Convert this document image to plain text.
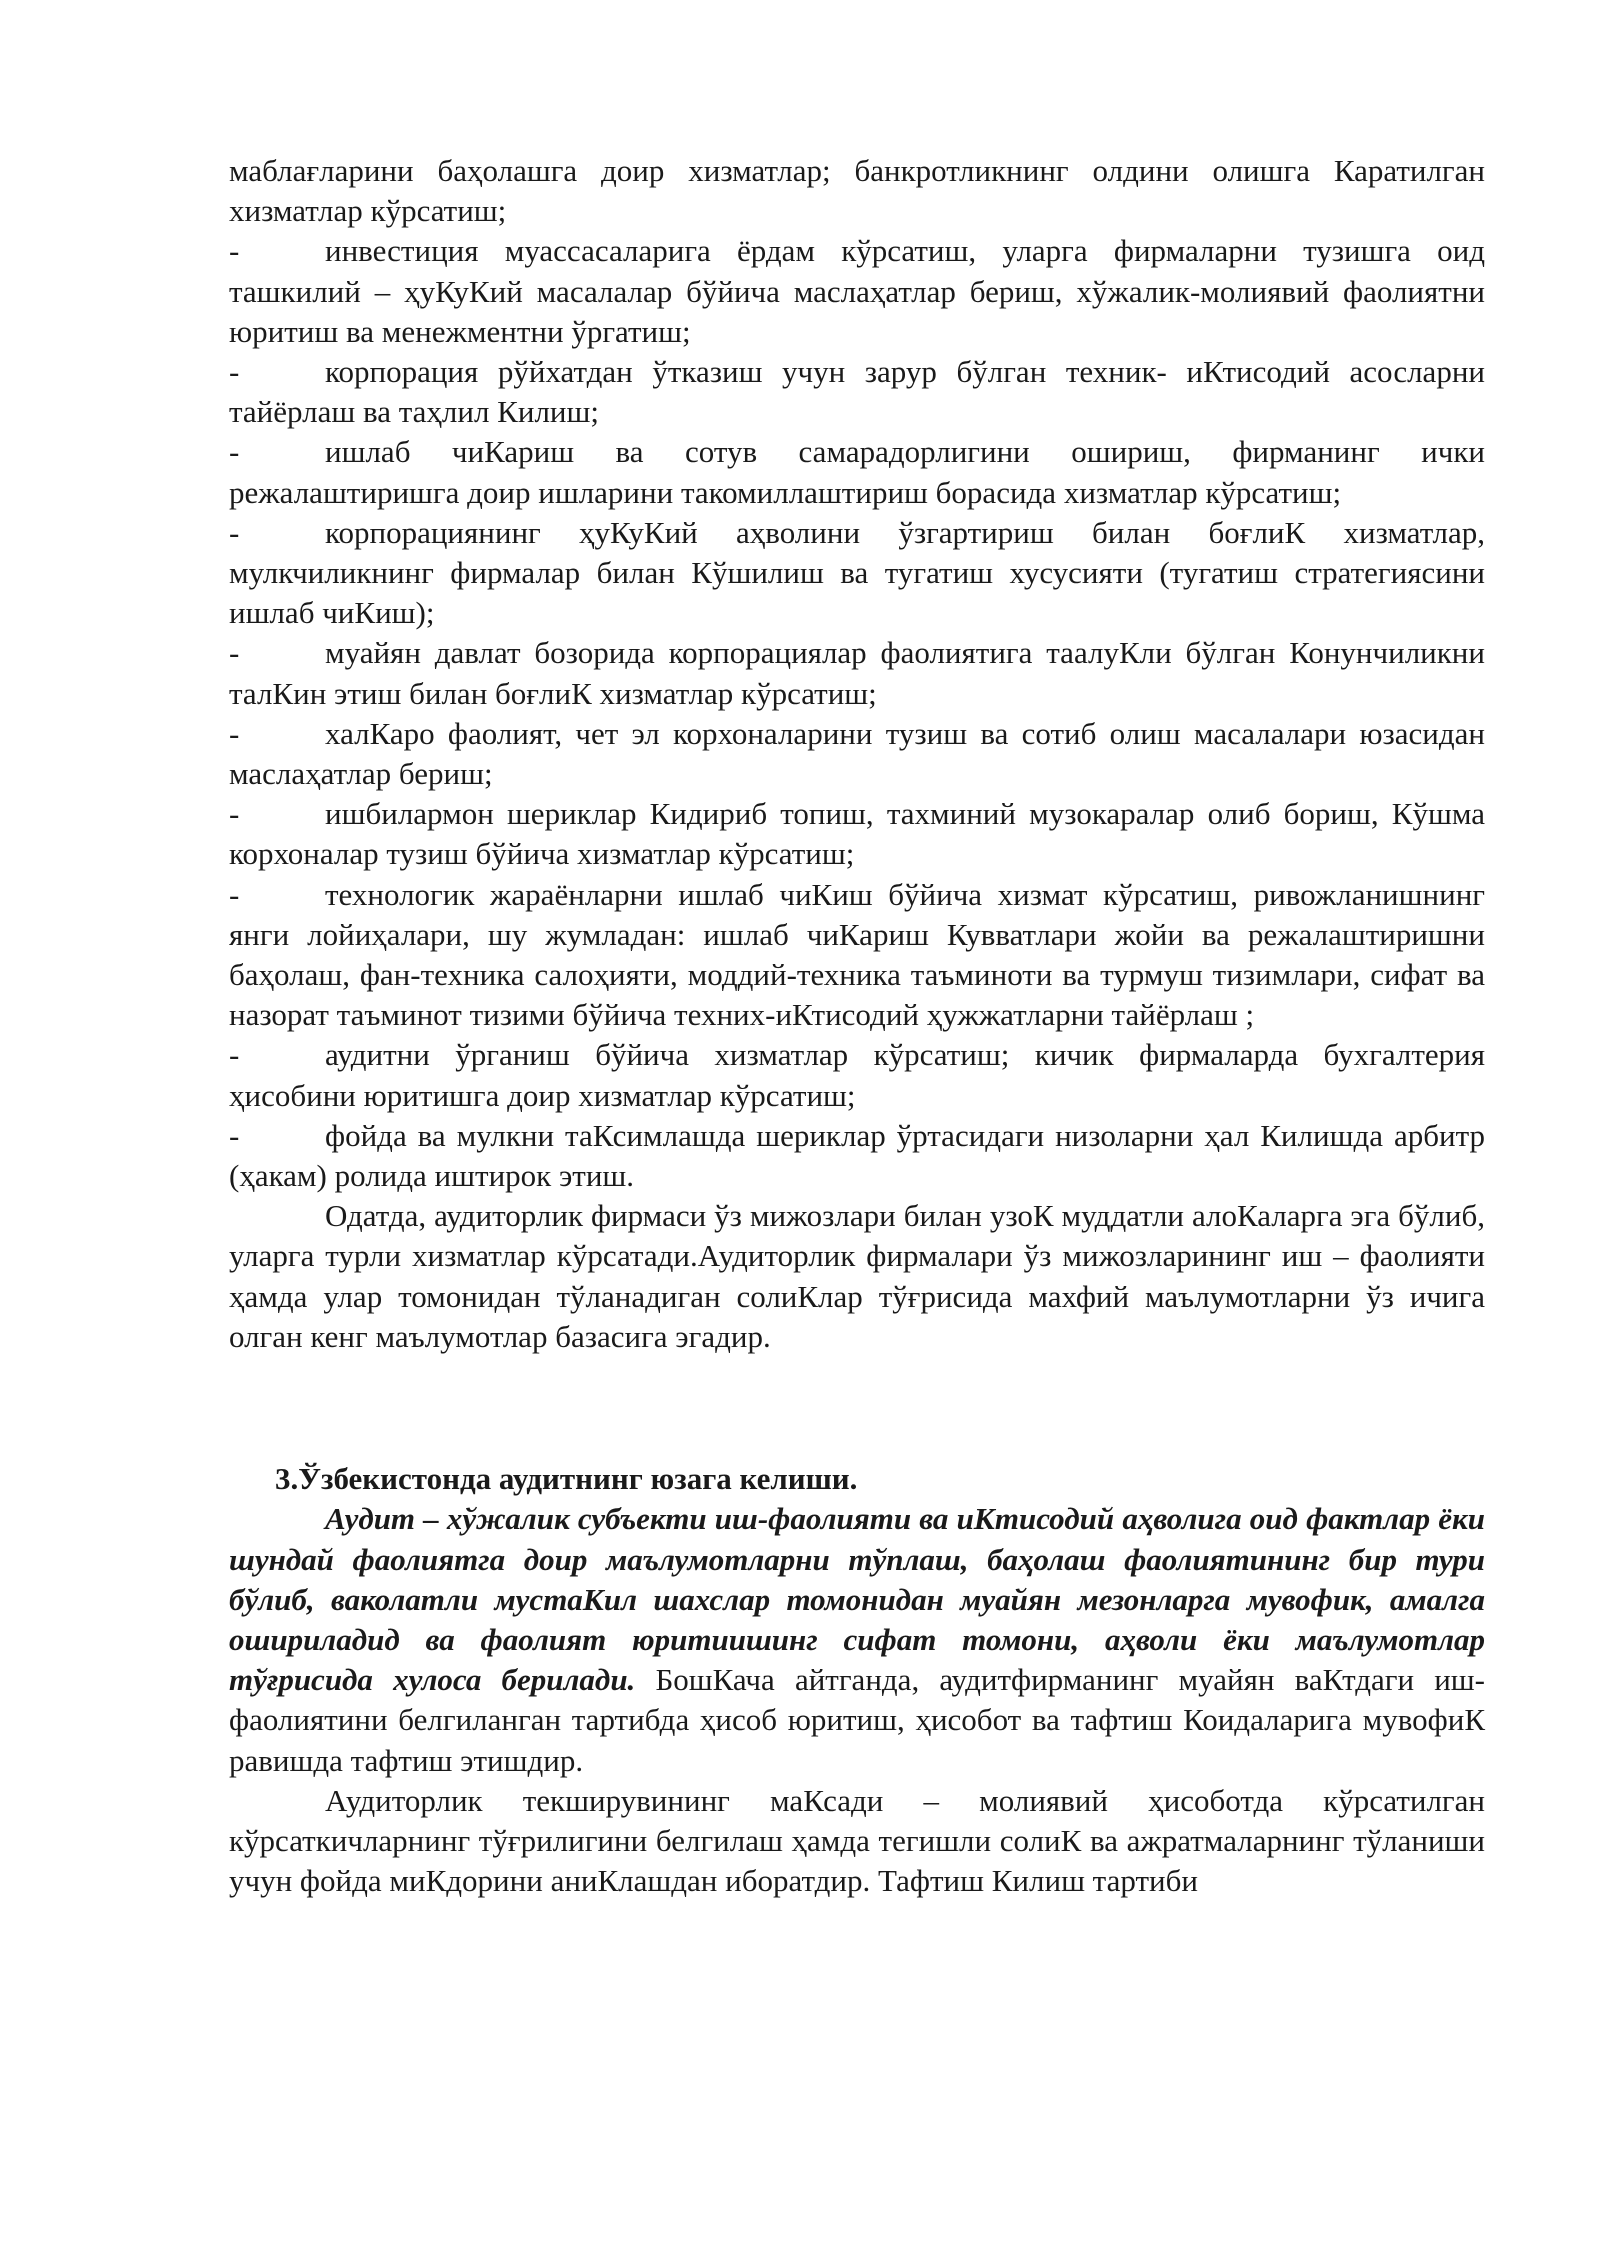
маблағларини баҳолашга доир хизматлар; банкротликнинг олдини олишга Каратилган хизматлар кўрсатиш;

-	инвестиция муассасаларига ёрдам кўрсатиш, уларга фирмаларни тузишга оид ташкилий – ҳуКуКий масалалар бўйича маслаҳатлар бериш, хўжалик-молиявий фаолиятни юритиш ва менежментни ўргатиш;

-	корпорация рўйхатдан ўтказиш учун зарур бўлган техник- иКтисодий асосларни тайёрлаш ва таҳлил Килиш;

-	ишлаб чиКариш ва сотув самарадорлигини ошириш, фирманинг ички режалаштиришга доир ишларини такомиллаштириш борасида хизматлар кўрсатиш;

-	корпорациянинг ҳуКуКий аҳволини ўзгартириш билан боғлиК хизматлар, мулкчиликнинг фирмалар билан Кўшилиш ва тугатиш хусусияти (тугатиш стратегиясини ишлаб чиКиш);

-	муайян давлат бозорида корпорациялар фаолиятига таалуКли бўлган Конунчиликни талКин этиш билан боғлиК хизматлар кўрсатиш;

-	халКаро фаолият, чет эл корхоналарини тузиш ва сотиб олиш масалалари юзасидан маслаҳатлар бериш;

-	ишбилармон шериклар Кидириб топиш, тахминий музокаралар олиб бориш, Кўшма корхоналар тузиш бўйича хизматлар кўрсатиш;

-	технологик жараёнларни ишлаб чиКиш бўйича хизмат кўрсатиш, ривожланишнинг янги лойиҳалари, шу жумладан: ишлаб чиКариш Кувватлари жойи ва режалаштиришни баҳолаш, фан-техника салоҳияти, моддий-техника таъминоти ва турмуш тизимлари, сифат ва назорат таъминот тизими бўйича техних-иКтисодий ҳужжатларни тайёрлаш ;

-	аудитни ўрганиш бўйича хизматлар кўрсатиш; кичик фирмаларда бухгалтерия ҳисобини юритишга доир хизматлар кўрсатиш;

-	фойда ва мулкни таКсимлашда шериклар ўртасидаги низоларни ҳал Килишда арбитр (ҳакам) ролида иштирок этиш.

Одатда, аудиторлик фирмаси ўз мижозлари билан узоК муддатли алоКаларга эга бўлиб, уларга турли хизматлар кўрсатади.Аудиторлик фирмалари ўз мижозларининг иш – фаолияти ҳамда улар томонидан тўланадиган солиКлар тўғрисида махфий маълумотларни ўз ичига олган кенг маълумотлар базасига эгадир.

3.Ўзбекистонда аудитнинг юзага келиши.

Аудит – хўжалик субъекти иш-фаолияти ва иКтисодий аҳволига оид фактлар ёки шундай фаолиятга доир маълумотларни тўплаш, баҳолаш фаолиятининг бир тури бўлиб, ваколатли мустаКил шахслар томонидан муайян мезонларга мувофик, амалга ошириладид ва фаолият юритиишинг сифат томони, аҳволи ёки маълумотлар тўғрисида хулоса берилади. БошКача айтганда, аудитфирманинг муайян ваКтдаги иш-фаолиятини белгиланган тартибда ҳисоб юритиш, ҳисобот ва тафтиш Коидаларига мувофиК равишда тафтиш этишдир.

Аудиторлик текширувининг маКсади – молиявий ҳисоботда кўрсатилган кўрсаткичларнинг тўғрилигини белгилаш ҳамда тегишли солиК ва ажратмаларнинг тўланиши учун фойда миКдорини аниКлашдан иборатдир. Тафтиш Килиш тартиби
